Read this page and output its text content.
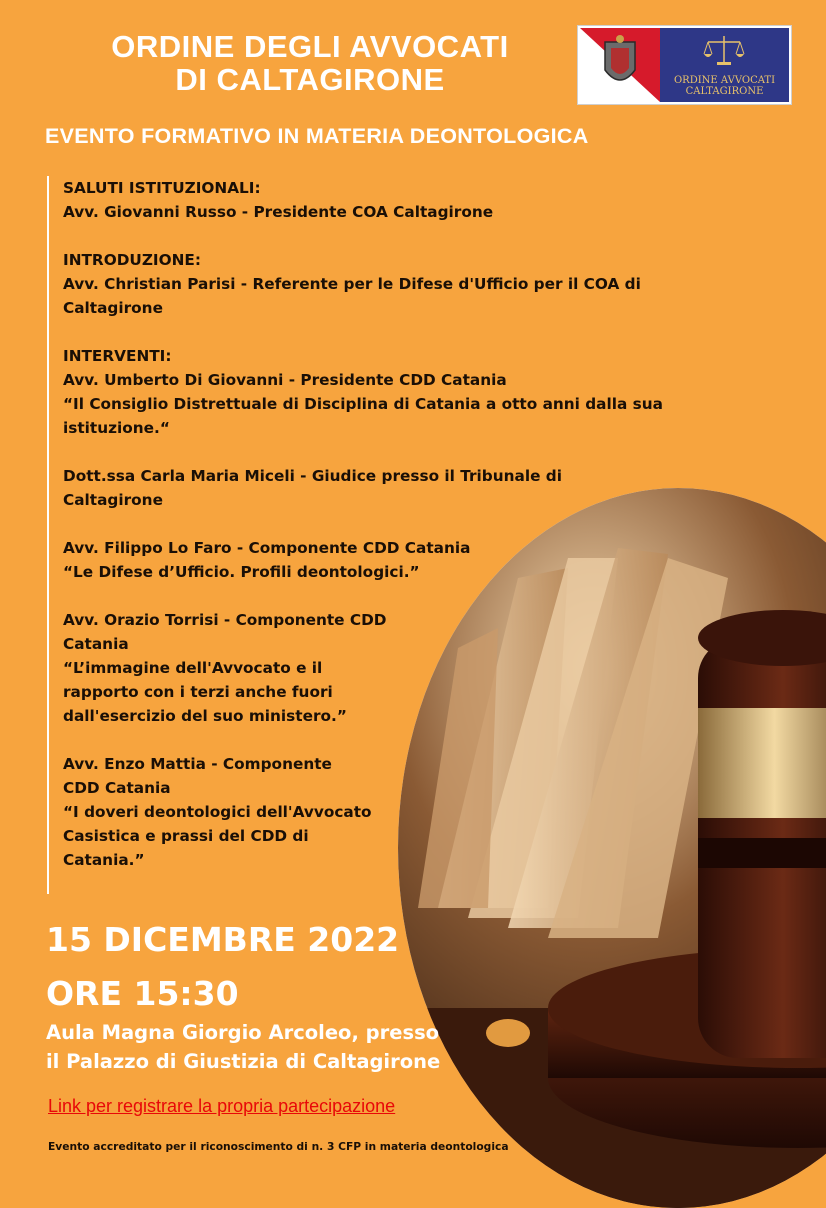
ORDINE DEGLI AVVOCATI
DI CALTAGIRONE	ORDINE AVVOCATI
CALTAGIRONE
EVENTO FORMATIVO IN MATERIA DEONTOLOGICA
SALUTI ISTITUZIONALI:
Avv. Giovanni Russo - Presidente COA Caltagirone
INTRODUZIONE:
Avv. Christian Parisi - Referente per le Difese d'Ufficio per il COA di
Caltagirone
INTERVENTI:
Avv. Umberto Di Giovanni - Presidente CDD Catania
“Il Consiglio Distrettuale di Disciplina di Catania a otto anni dalla sua
istituzione.“
Dott.ssa Carla Maria Miceli - Giudice presso il Tribunale di
Caltagirone
Avv. Filippo Lo Faro - Componente CDD Catania
“Le Difese d’Ufficio. Profili deontologici.”
Avv. Orazio Torrisi - Componente CDD
Catania
“L’immagine dell'Avvocato e il
rapporto con i terzi anche fuori
dall'esercizio del suo ministero.”
Avv. Enzo Mattia - Componente
CDD Catania
“I doveri deontologici dell'Avvocato
Casistica e prassi del CDD di
Catania.”
15 DICEMBRE 2022
ORE 15:30
Aula Magna Giorgio Arcoleo, presso
il Palazzo di Giustizia di Caltagirone
Link per registrare la propria partecipazione
Evento accreditato per il riconoscimento di n. 3 CFP in materia deontologica
